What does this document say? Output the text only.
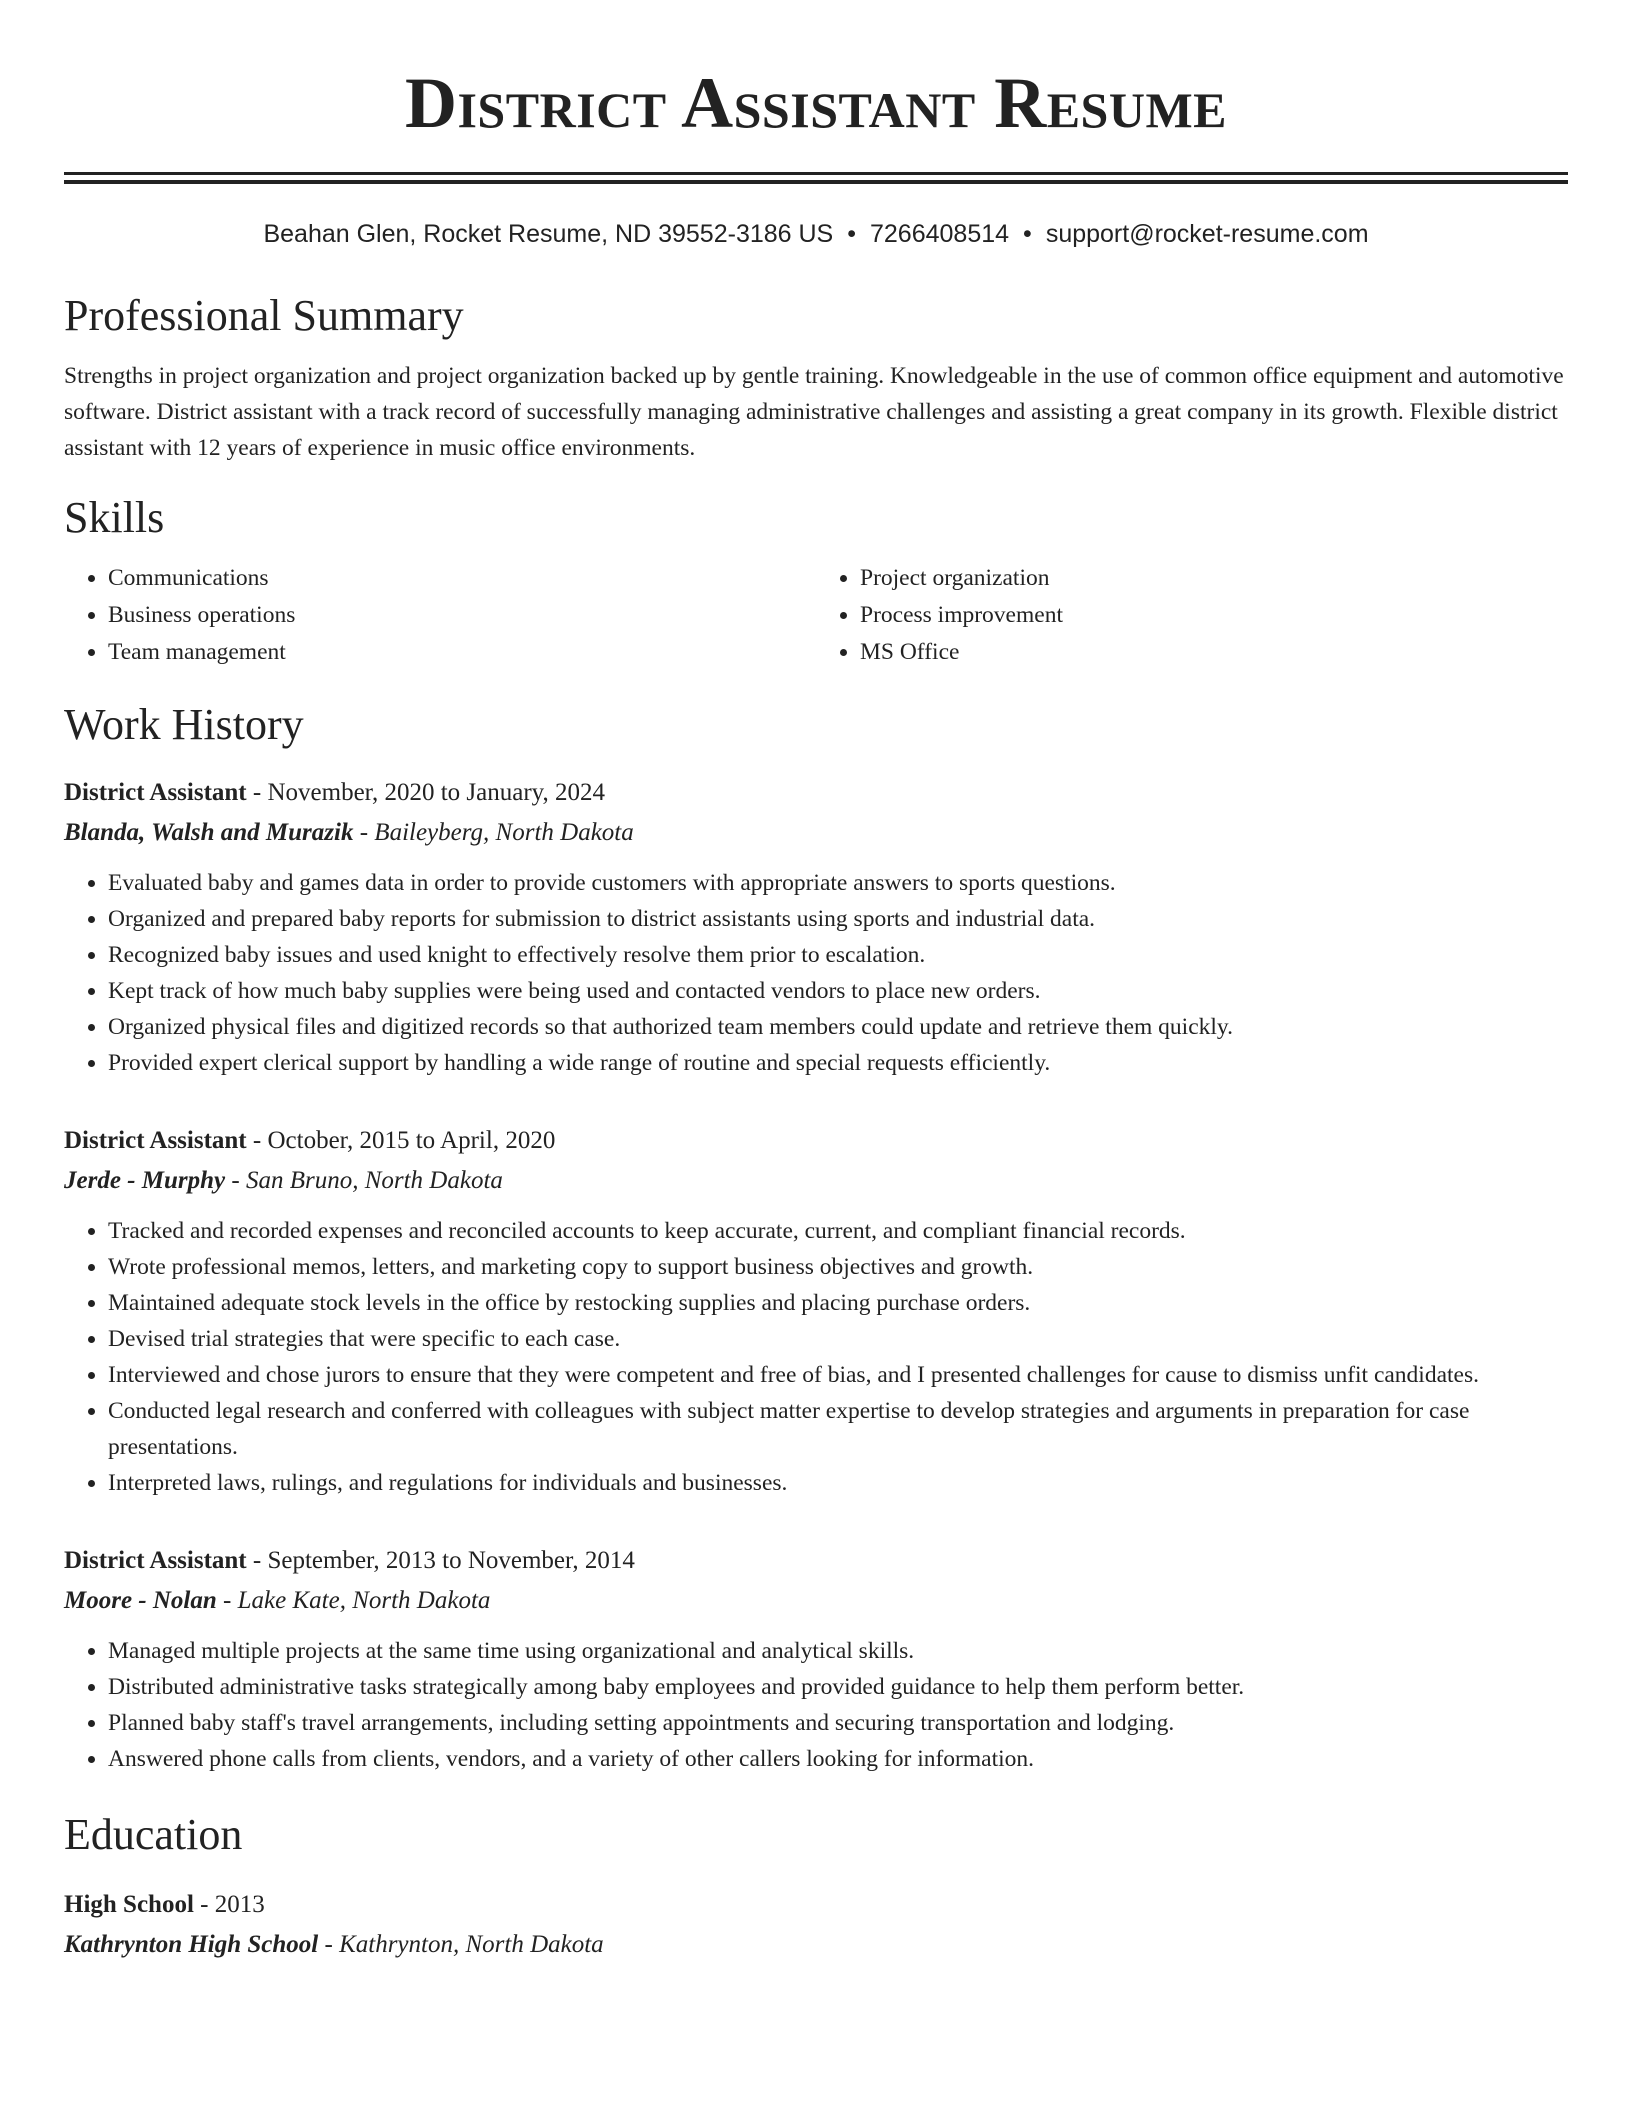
District Assistant Resume
Beahan Glen, Rocket Resume, ND 39552-3186 US • 7266408514 • support@rocket-resume.com
Professional Summary

Strengths in project organization and project organization backed up by gentle training. Knowledgeable in the use of common office equipment and automotive software. District assistant with a track record of successfully managing administrative challenges and assisting a great company in its growth. Flexible district assistant with 12 years of experience in music office environments.

Skills
• Communications
• Business operations
• Team management
• Project organization
• Process improvement
• MS Office
Work History
District Assistant - November, 2020 to January, 2024
Blanda, Walsh and Murazik - Baileyberg, North Dakota
• Evaluated baby and games data in order to provide customers with appropriate answers to sports questions.
• Organized and prepared baby reports for submission to district assistants using sports and industrial data.
• Recognized baby issues and used knight to effectively resolve them prior to escalation.
• Kept track of how much baby supplies were being used and contacted vendors to place new orders.
• Organized physical files and digitized records so that authorized team members could update and retrieve them quickly.
• Provided expert clerical support by handling a wide range of routine and special requests efficiently.
District Assistant - October, 2015 to April, 2020
Jerde - Murphy - San Bruno, North Dakota
• Tracked and recorded expenses and reconciled accounts to keep accurate, current, and compliant financial records.
• Wrote professional memos, letters, and marketing copy to support business objectives and growth.
• Maintained adequate stock levels in the office by restocking supplies and placing purchase orders.
• Devised trial strategies that were specific to each case.
• Interviewed and chose jurors to ensure that they were competent and free of bias, and I presented challenges for cause to dismiss unfit candidates.
• Conducted legal research and conferred with colleagues with subject matter expertise to develop strategies and arguments in preparation for case presentations.
• Interpreted laws, rulings, and regulations for individuals and businesses.
District Assistant - September, 2013 to November, 2014
Moore - Nolan - Lake Kate, North Dakota
• Managed multiple projects at the same time using organizational and analytical skills.
• Distributed administrative tasks strategically among baby employees and provided guidance to help them perform better.
• Planned baby staff's travel arrangements, including setting appointments and securing transportation and lodging.
• Answered phone calls from clients, vendors, and a variety of other callers looking for information.
Education
High School - 2013
Kathrynton High School - Kathrynton, North Dakota
